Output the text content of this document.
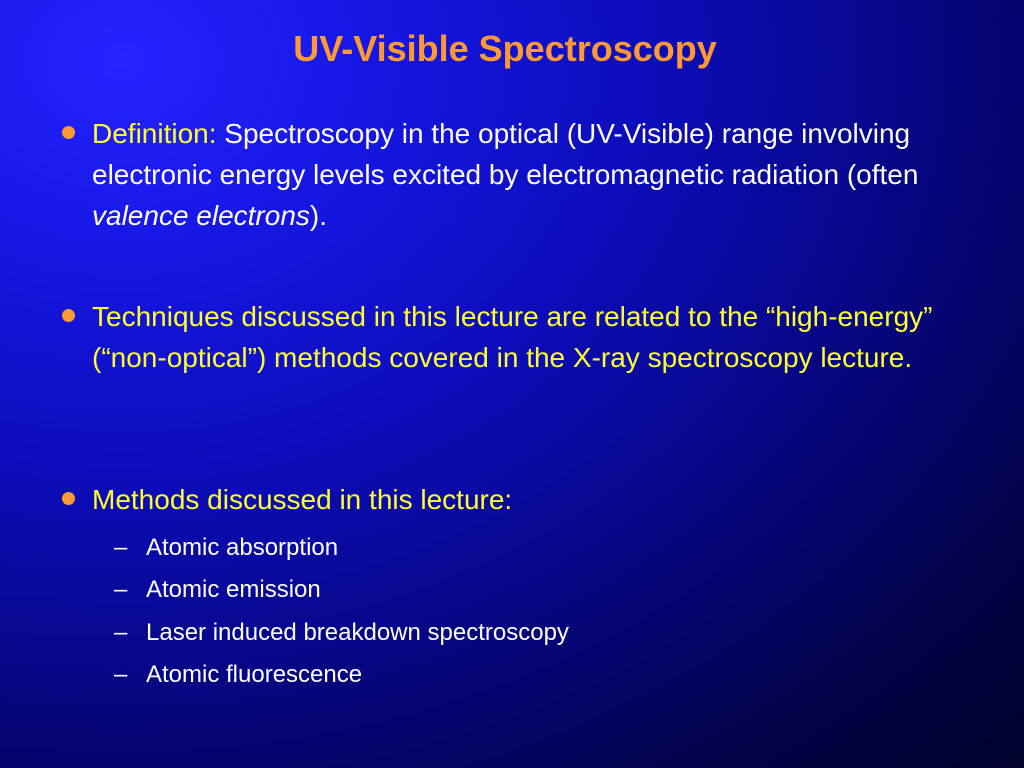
UV-Visible Spectroscopy
Definition: Spectroscopy in the optical (UV-Visible) range involving electronic energy levels excited by electromagnetic radiation (often valence electrons).
Techniques discussed in this lecture are related to the “high-energy” (“non-optical”) methods covered in the X-ray spectroscopy lecture.
Methods discussed in this lecture:
– Atomic absorption
– Atomic emission
– Laser induced breakdown spectroscopy
– Atomic fluorescence
